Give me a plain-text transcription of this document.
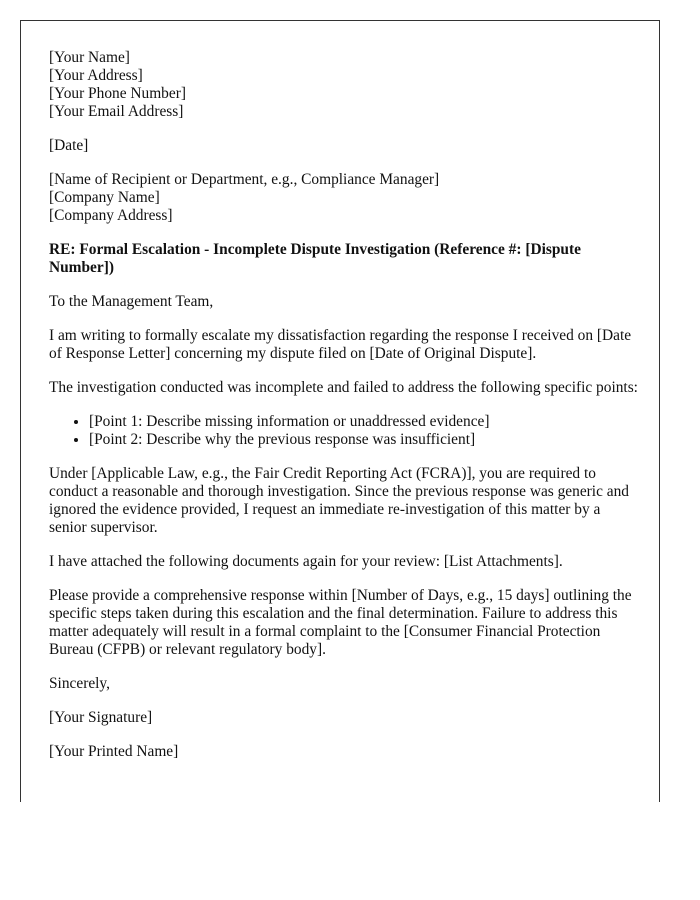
[Your Name]
[Your Address]
[Your Phone Number]
[Your Email Address]

[Date]

[Name of Recipient or Department, e.g., Compliance Manager]
[Company Name]
[Company Address]

RE: Formal Escalation - Incomplete Dispute Investigation (Reference #: [Dispute Number])

To the Management Team,

I am writing to formally escalate my dissatisfaction regarding the response I received on [Date of Response Letter] concerning my dispute filed on [Date of Original Dispute].

The investigation conducted was incomplete and failed to address the following specific points:

• [Point 1: Describe missing information or unaddressed evidence]
• [Point 2: Describe why the previous response was insufficient]

Under [Applicable Law, e.g., the Fair Credit Reporting Act (FCRA)], you are required to conduct a reasonable and thorough investigation. Since the previous response was generic and ignored the evidence provided, I request an immediate re-investigation of this matter by a senior supervisor.

I have attached the following documents again for your review: [List Attachments].

Please provide a comprehensive response within [Number of Days, e.g., 15 days] outlining the specific steps taken during this escalation and the final determination. Failure to address this matter adequately will result in a formal complaint to the [Consumer Financial Protection Bureau (CFPB) or relevant regulatory body].

Sincerely,

[Your Signature]

[Your Printed Name]
